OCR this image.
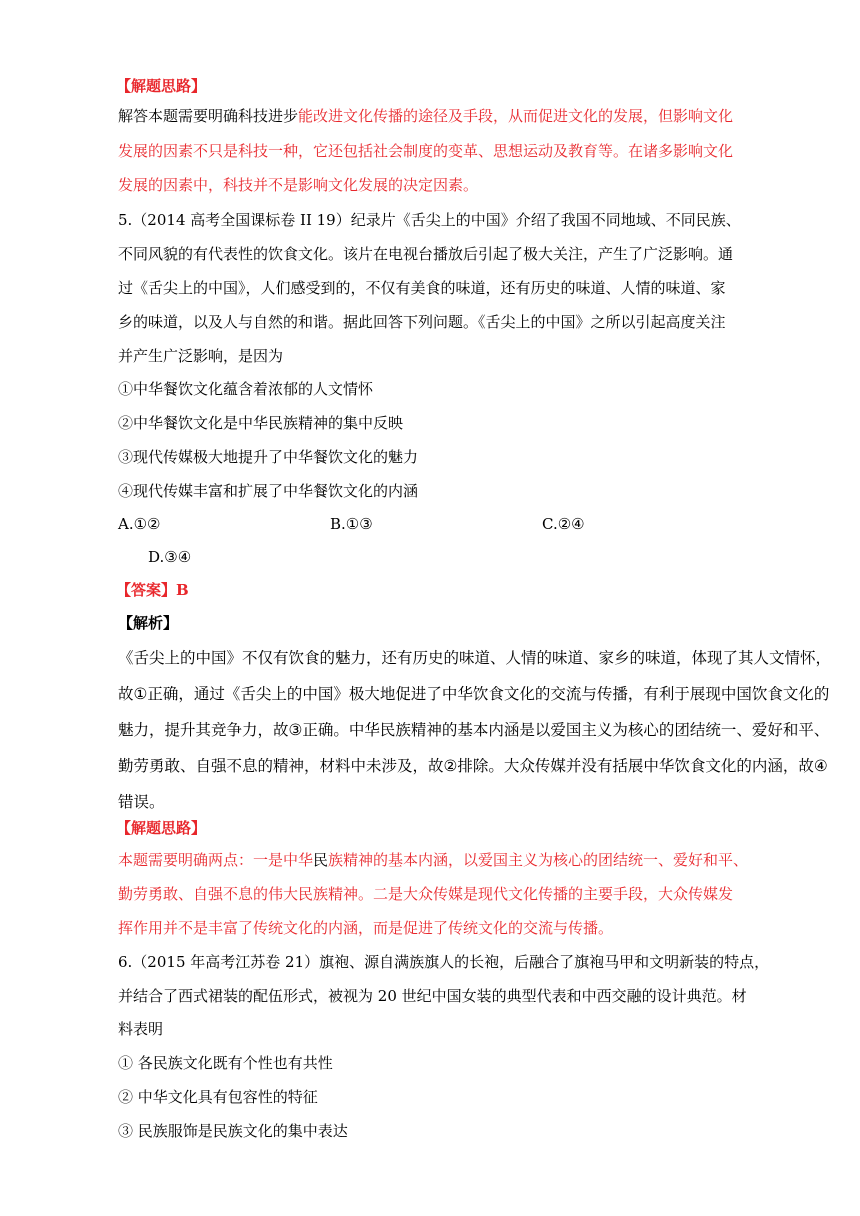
【解题思路】
解答本题需要明确科技进步能改进文化传播的途径及手段，从而促进文化的发展，但影响文化
发展的因素不只是科技一种，它还包括社会制度的变革、思想运动及教育等。在诸多影响文化
发展的因素中，科技并不是影响文化发展的决定因素。
5.（2014 高考全国课标卷 II 19）纪录片《舌尖上的中国》介绍了我国不同地域、不同民族、
不同风貌的有代表性的饮食文化。该片在电视台播放后引起了极大关注，产生了广泛影响。通
过《舌尖上的中国》，人们感受到的，不仅有美食的味道，还有历史的味道、人情的味道、家
乡的味道，以及人与自然的和谐。据此回答下列问题。《舌尖上的中国》之所以引起高度关注
并产生广泛影响，是因为
①中华餐饮文化蕴含着浓郁的人文情怀
②中华餐饮文化是中华民族精神的集中反映
③现代传媒极大地提升了中华餐饮文化的魅力
④现代传媒丰富和扩展了中华餐饮文化的内涵
A.①②	B.①③	C.②④
D.③④
【答案】B
【解析】
《舌尖上的中国》不仅有饮食的魅力，还有历史的味道、人情的味道、家乡的味道，体现了其人文情怀，
故①正确，通过《舌尖上的中国》极大地促进了中华饮食文化的交流与传播，有利于展现中国饮食文化的
魅力，提升其竞争力，故③正确。中华民族精神的基本内涵是以爱国主义为核心的团结统一、爱好和平、
勤劳勇敢、自强不息的精神，材料中未涉及，故②排除。大众传媒并没有括展中华饮食文化的内涵，故④
错误。
【解题思路】
本题需要明确两点：一是中华民族精神的基本内涵，以爱国主义为核心的团结统一、爱好和平、
勤劳勇敢、自强不息的伟大民族精神。二是大众传媒是现代文化传播的主要手段，大众传媒发
挥作用并不是丰富了传统文化的内涵，而是促进了传统文化的交流与传播。
6.（2015 年高考江苏卷 21）旗袍、源自满族旗人的长袍，后融合了旗袍马甲和文明新装的特点，
并结合了西式裙装的配伍形式，被视为 20 世纪中国女装的典型代表和中西交融的设计典范。材
料表明
① 各民族文化既有个性也有共性
② 中华文化具有包容性的特征
③ 民族服饰是民族文化的集中表达
